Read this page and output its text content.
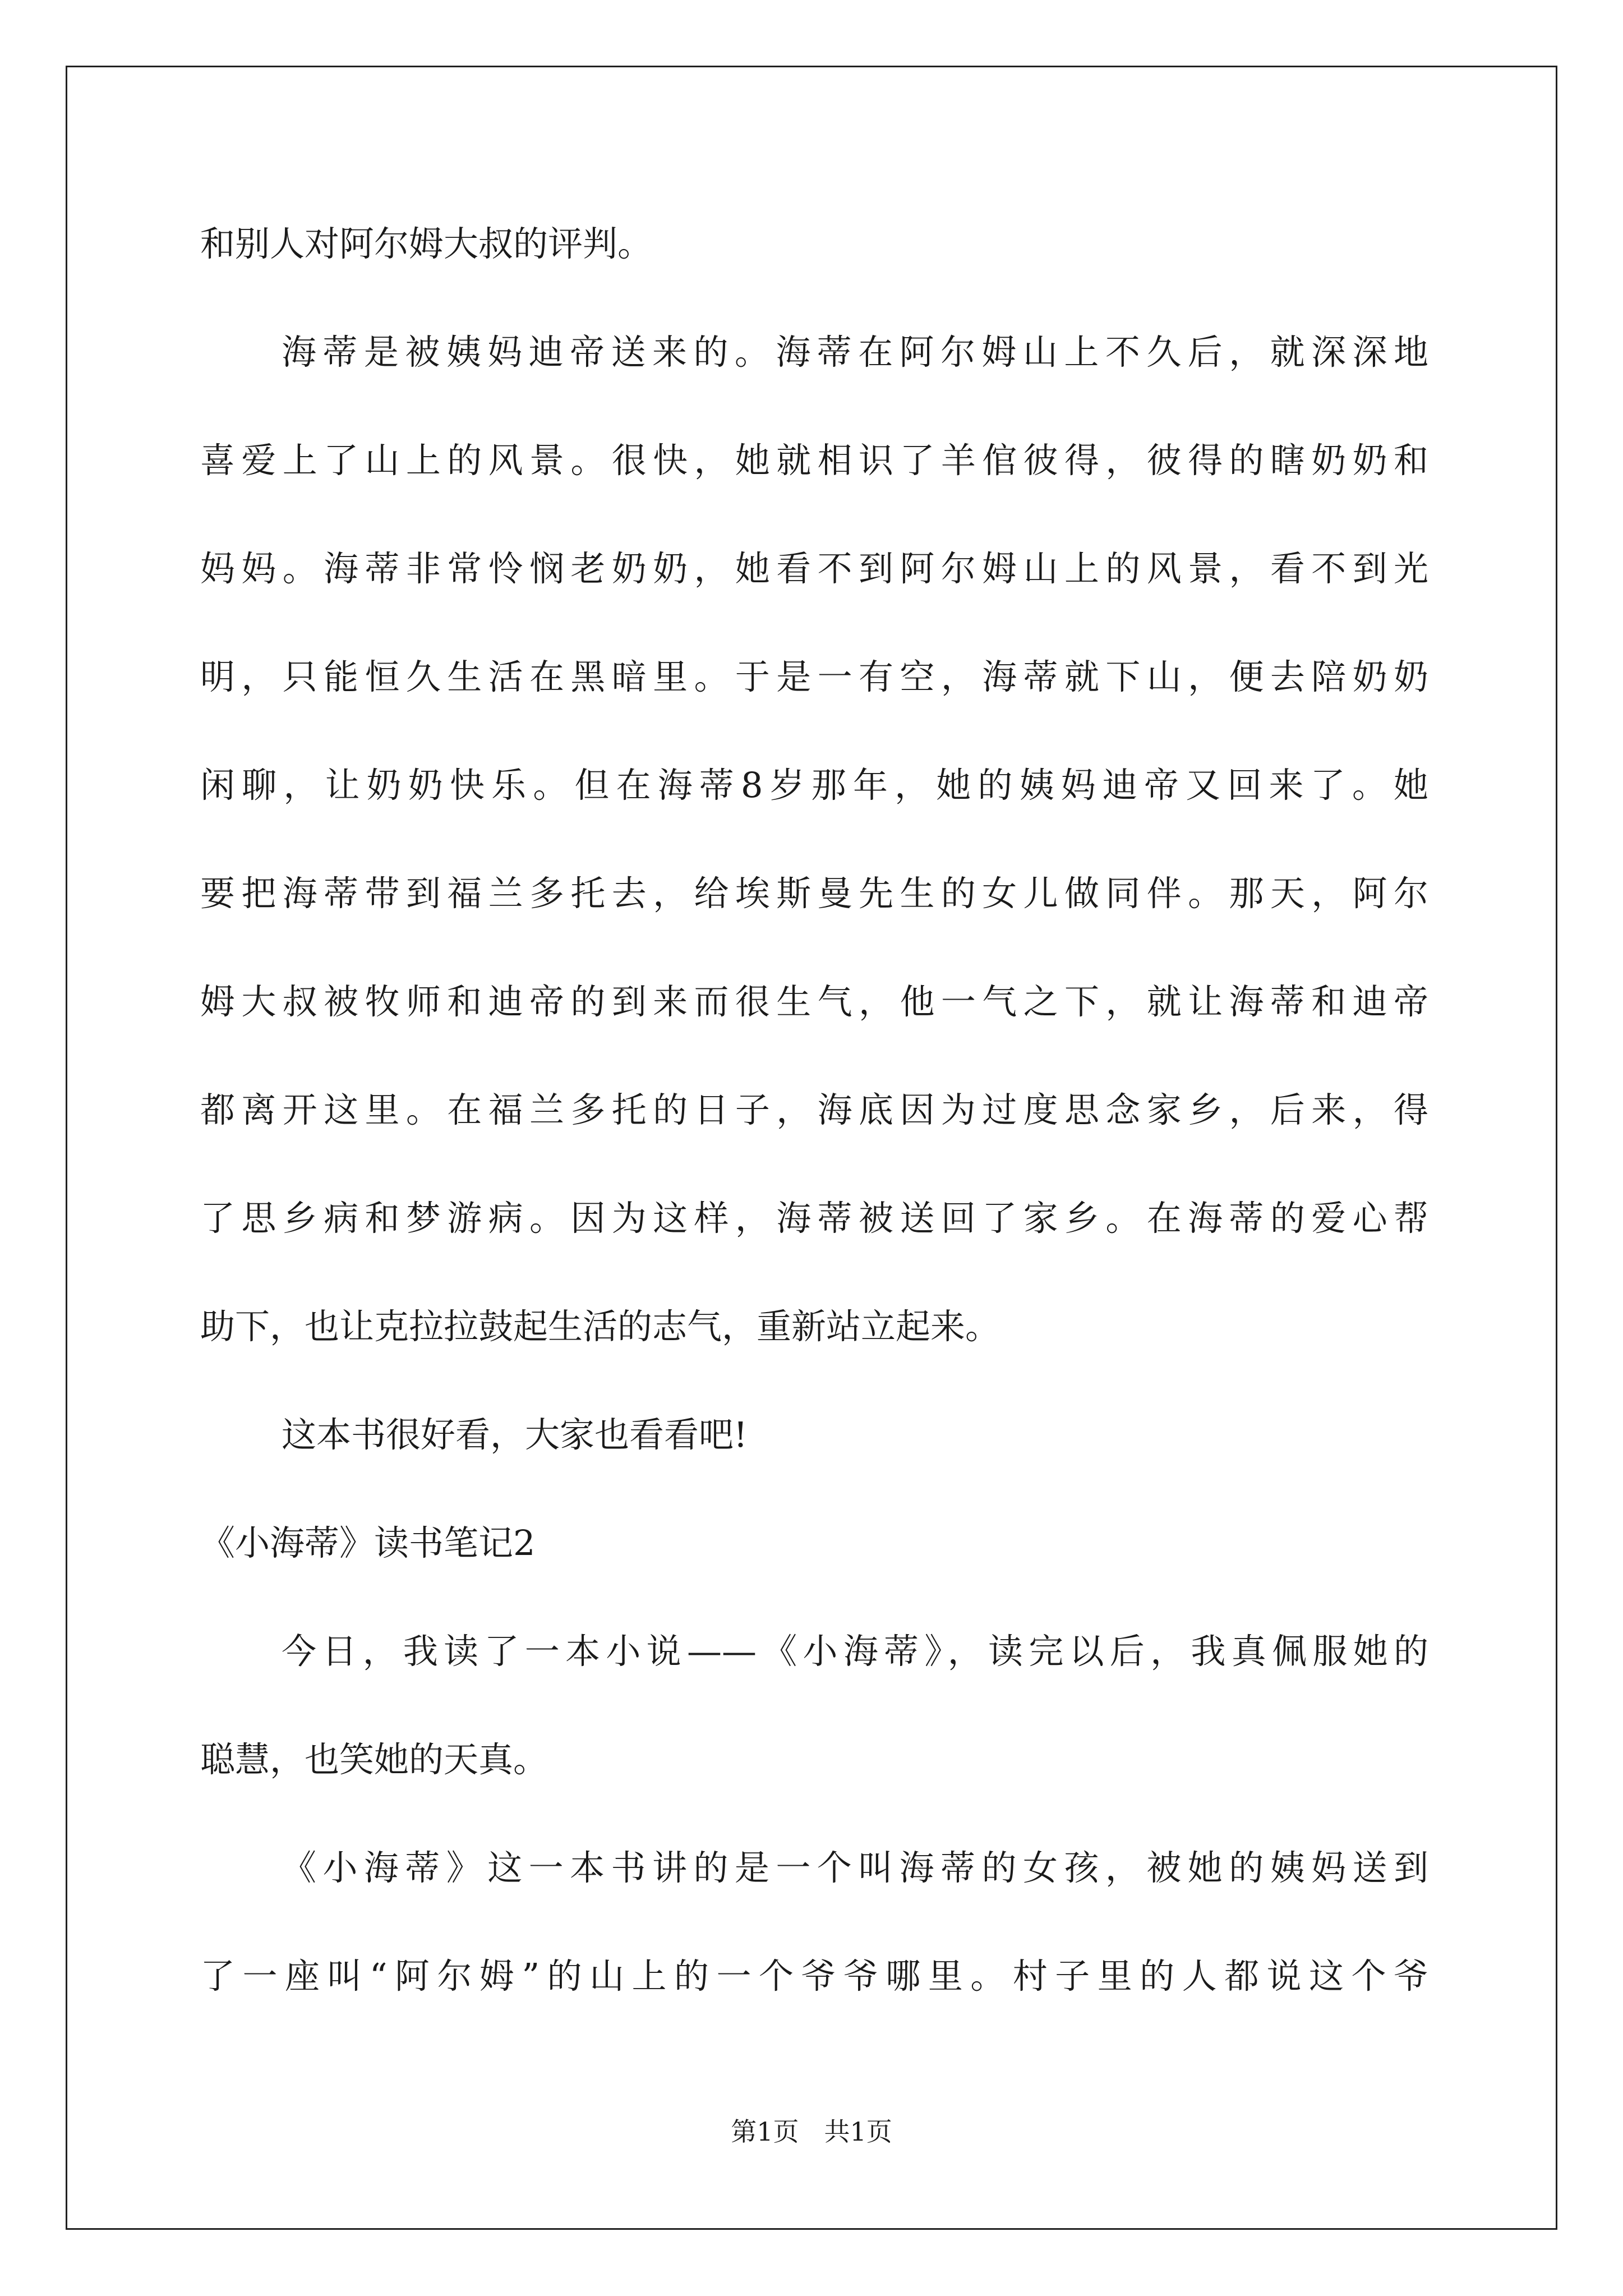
和别人对阿尔姆大叔的评判。
海蒂是被姨妈迪帝送来的。海蒂在阿尔姆山上不久后，就深深地
喜爱上了山上的风景。很快，她就相识了羊倌彼得，彼得的瞎奶奶和
妈妈。海蒂非常怜悯老奶奶，她看不到阿尔姆山上的风景，看不到光
明，只能恒久生活在黑暗里。于是一有空，海蒂就下山，便去陪奶奶
闲聊，让奶奶快乐。但在海蒂8岁那年，她的姨妈迪帝又回来了。她
要把海蒂带到福兰多托去，给埃斯曼先生的女儿做同伴。那天，阿尔
姆大叔被牧师和迪帝的到来而很生气，他一气之下，就让海蒂和迪帝
都离开这里。在福兰多托的日子，海底因为过度思念家乡，后来，得
了思乡病和梦游病。因为这样，海蒂被送回了家乡。在海蒂的爱心帮
助下，也让克拉拉鼓起生活的志气，重新站立起来。
这本书很好看，大家也看看吧!
《小海蒂》读书笔记2
今日，我读了一本小说——《小海蒂》，读完以后，我真佩服她的
聪慧，也笑她的天真。
《小海蒂》这一本书讲的是一个叫海蒂的女孩，被她的姨妈送到
了一座叫“阿尔姆”的山上的一个爷爷哪里。村子里的人都说这个爷
第1页 共1页
